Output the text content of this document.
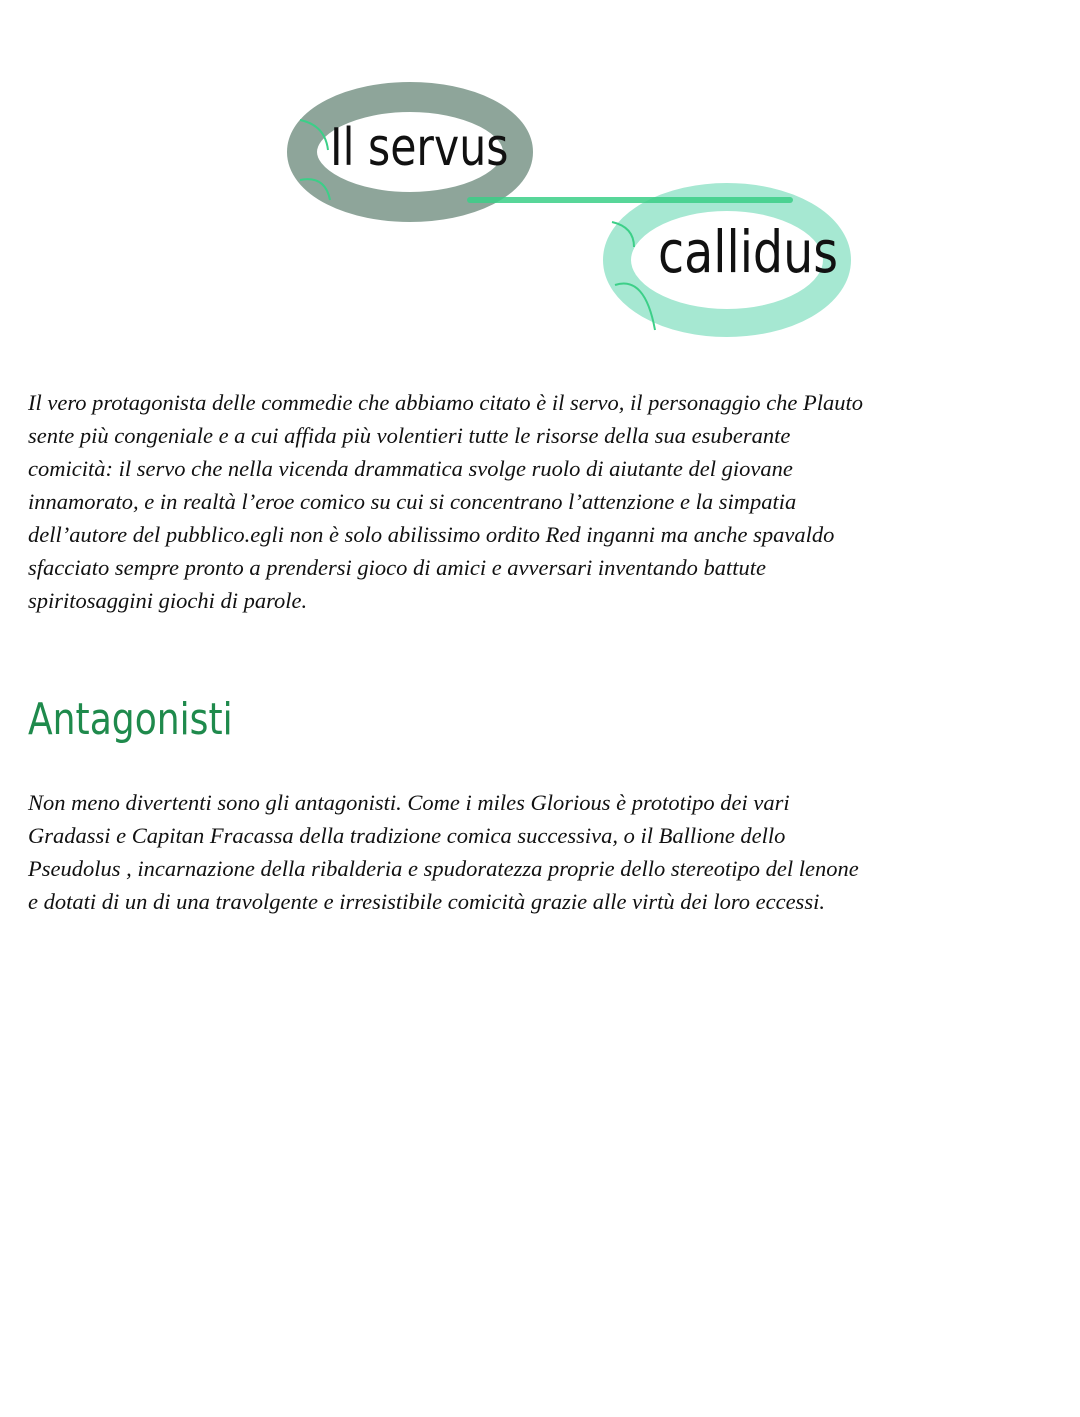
Il servus
callidus
Il vero protagonista delle commedie che abbiamo citato è il servo, il personaggio che Plauto
sente più congeniale e a cui affida più volentieri tutte le risorse della sua esuberante
comicità: il servo che nella vicenda drammatica svolge ruolo di aiutante del giovane
innamorato, e in realtà l’eroe comico su cui si concentrano l’attenzione e la simpatia
dell’autore del pubblico.egli non è solo abilissimo ordito Red inganni ma anche spavaldo
sfacciato sempre pronto a prendersi gioco di amici e avversari inventando battute
spiritosaggini giochi di parole.
Antagonisti
Non meno divertenti sono gli antagonisti. Come i miles Glorious è prototipo dei vari
Gradassi e Capitan Fracassa della tradizione comica successiva, o il Ballione dello
Pseudolus , incarnazione della ribalderia e spudoratezza proprie dello stereotipo del lenone
e dotati di un di una travolgente e irresistibile comicità grazie alle virtù dei loro eccessi.
